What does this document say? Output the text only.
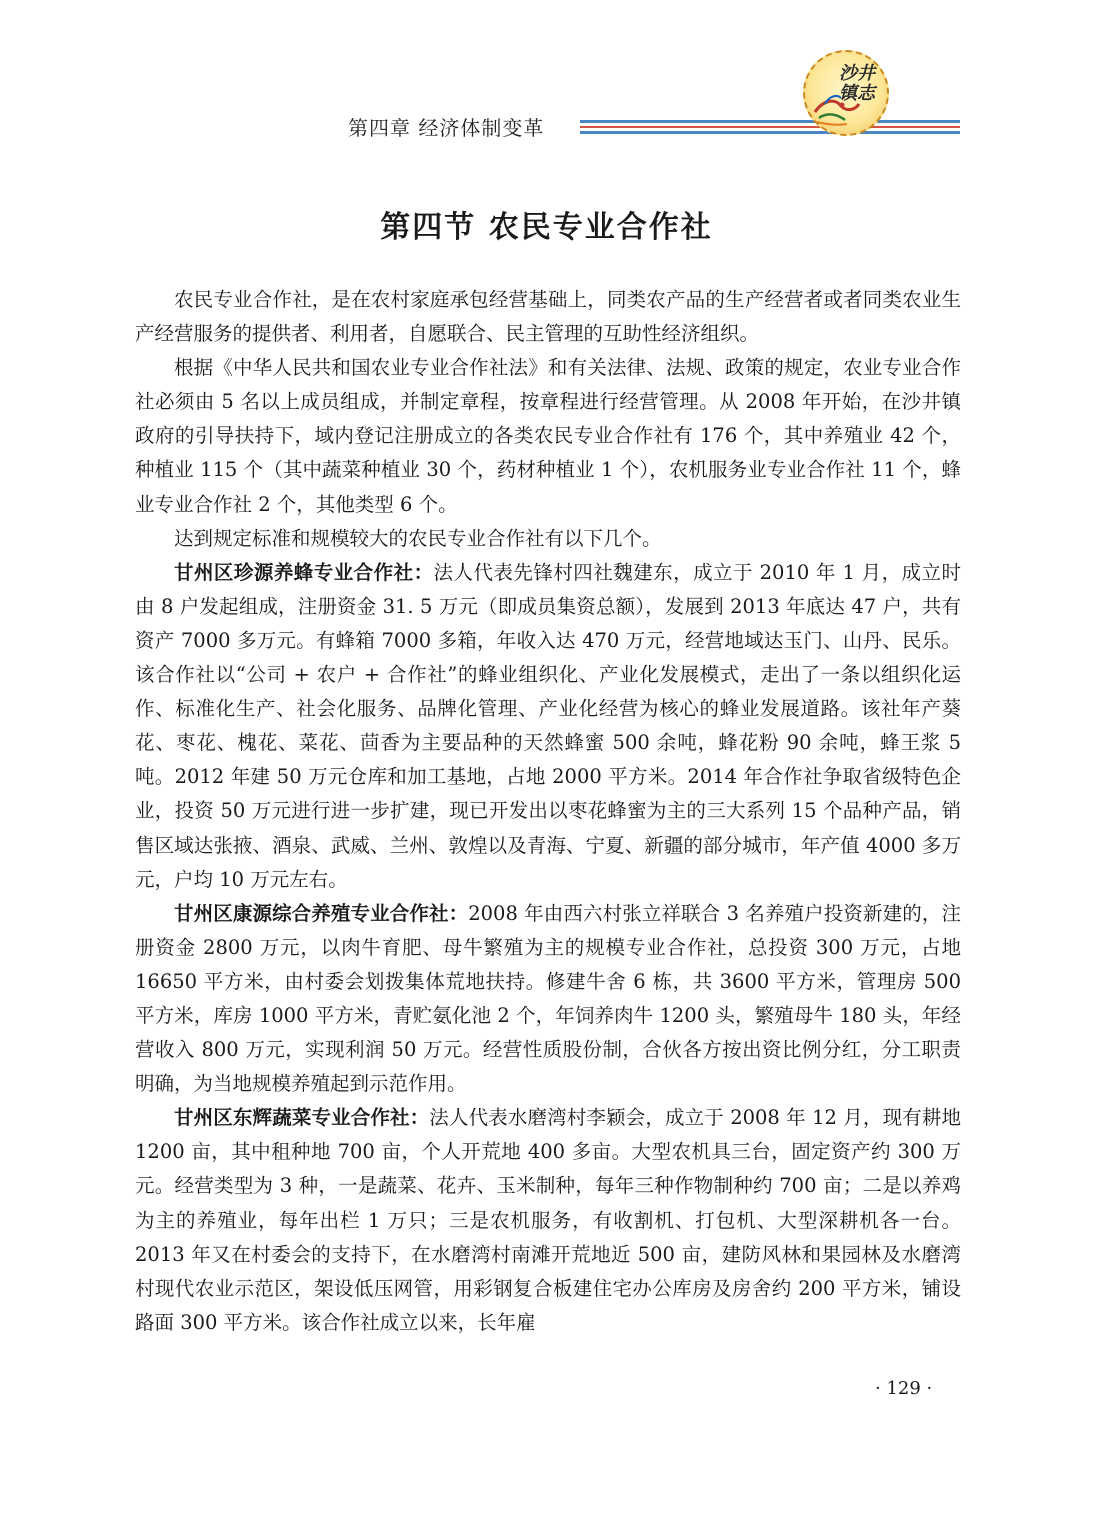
第四章 经济体制变革
沙井镇志
第四节 农民专业合作社

农民专业合作社，是在农村家庭承包经营基础上，同类农产品的生产经营者或者同类农业生产经营服务的提供者、利用者，自愿联合、民主管理的互助性经济组织。

根据《中华人民共和国农业专业合作社法》和有关法律、法规、政策的规定，农业专业合作社必须由 5 名以上成员组成，并制定章程，按章程进行经营管理。从 2008 年开始，在沙井镇政府的引导扶持下，域内登记注册成立的各类农民专业合作社有 176 个，其中养殖业 42 个，种植业 115 个（其中蔬菜种植业 30 个，药材种植业 1 个），农机服务业专业合作社 11 个，蜂业专业合作社 2 个，其他类型 6 个。

达到规定标准和规模较大的农民专业合作社有以下几个。

甘州区珍源养蜂专业合作社：法人代表先锋村四社魏建东，成立于 2010 年 1 月，成立时由 8 户发起组成，注册资金 31. 5 万元（即成员集资总额），发展到 2013 年底达 47 户，共有资产 7000 多万元。有蜂箱 7000 多箱，年收入达 470 万元，经营地域达玉门、山丹、民乐。该合作社以“公司 + 农户 + 合作社”的蜂业组织化、产业化发展模式，走出了一条以组织化运作、标准化生产、社会化服务、品牌化管理、产业化经营为核心的蜂业发展道路。该社年产葵花、枣花、槐花、菜花、茴香为主要品种的天然蜂蜜 500 余吨，蜂花粉 90 余吨，蜂王浆 5 吨。2012 年建 50 万元仓库和加工基地，占地 2000 平方米。2014 年合作社争取省级特色企业，投资 50 万元进行进一步扩建，现已开发出以枣花蜂蜜为主的三大系列 15 个品种产品，销售区域达张掖、酒泉、武威、兰州、敦煌以及青海、宁夏、新疆的部分城市，年产值 4000 多万元，户均 10 万元左右。

甘州区康源综合养殖专业合作社：2008 年由西六村张立祥联合 3 名养殖户投资新建的，注册资金 2800 万元，以肉牛育肥、母牛繁殖为主的规模专业合作社，总投资 300 万元，占地 16650 平方米，由村委会划拨集体荒地扶持。修建牛舍 6 栋，共 3600 平方米，管理房 500 平方米，库房 1000 平方米，青贮氨化池 2 个，年饲养肉牛 1200 头，繁殖母牛 180 头，年经营收入 800 万元，实现利润 50 万元。经营性质股份制，合伙各方按出资比例分红，分工职责明确，为当地规模养殖起到示范作用。

甘州区东辉蔬菜专业合作社：法人代表水磨湾村李颖会，成立于 2008 年 12 月，现有耕地 1200 亩，其中租种地 700 亩，个人开荒地 400 多亩。大型农机具三台，固定资产约 300 万元。经营类型为 3 种，一是蔬菜、花卉、玉米制种，每年三种作物制种约 700 亩；二是以养鸡为主的养殖业，每年出栏 1 万只；三是农机服务，有收割机、打包机、大型深耕机各一台。2013 年又在村委会的支持下，在水磨湾村南滩开荒地近 500 亩，建防风林和果园林及水磨湾村现代农业示范区，架设低压网管，用彩钢复合板建住宅办公库房及房舍约 200 平方米，铺设路面 300 平方米。该合作社成立以来，长年雇

· 129 ·
